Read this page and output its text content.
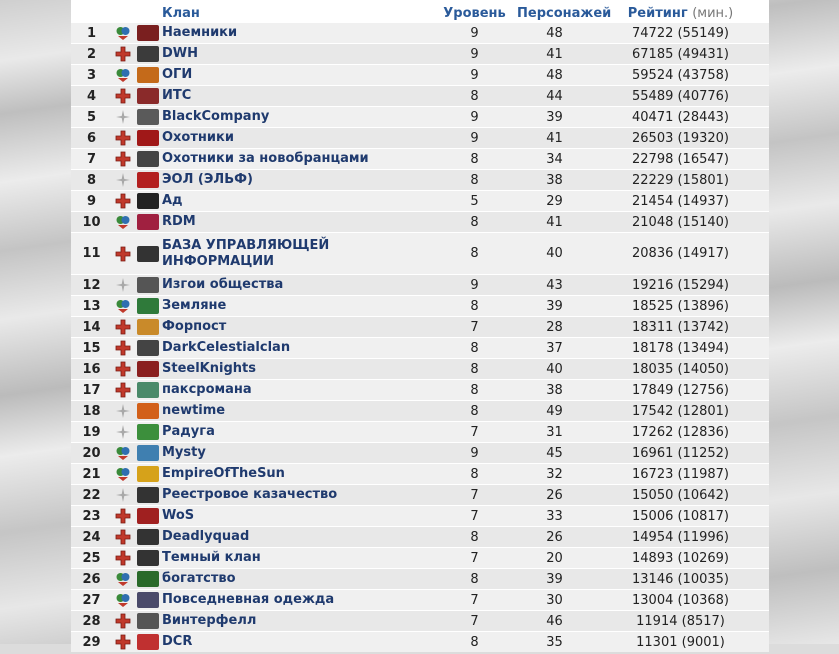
			Клан	Уровень	Персонажей	Рейтинг (мин.)
1			Наемники	9	48	74722 (55149)
2			DWH	9	41	67185 (49431)
3			ОГИ	9	48	59524 (43758)
4			ИТС	8	44	55489 (40776)
5			BlackCompany	9	39	40471 (28443)
6			Охотники	9	41	26503 (19320)
7			Охотники за новобранцами	8	34	22798 (16547)
8			ЭОЛ (ЭЛЬФ)	8	38	22229 (15801)
9			Ад	5	29	21454 (14937)
10			RDM	8	41	21048 (15140)
11			БАЗА УПРАВЛЯЮЩЕЙ ИНФОРМАЦИИ	8	40	20836 (14917)
12			Изгои общества	9	43	19216 (15294)
13			Земляне	8	39	18525 (13896)
14			Форпост	7	28	18311 (13742)
15			DarkCelestialclan	8	37	18178 (13494)
16			SteelKnights	8	40	18035 (14050)
17			паксромана	8	38	17849 (12756)
18			newtime	8	49	17542 (12801)
19			Радуга	7	31	17262 (12836)
20			Mysty	9	45	16961 (11252)
21			EmpireOfTheSun	8	32	16723 (11987)
22			Реестровое казачество	7	26	15050 (10642)
23			WoS	7	33	15006 (10817)
24			Deadlyquad	8	26	14954 (11996)
25			Темный клан	7	20	14893 (10269)
26			богатство	8	39	13146 (10035)
27			Повседневная одежда	7	30	13004 (10368)
28			Винтерфелл	7	46	11914 (8517)
29			DCR	8	35	11301 (9001)
